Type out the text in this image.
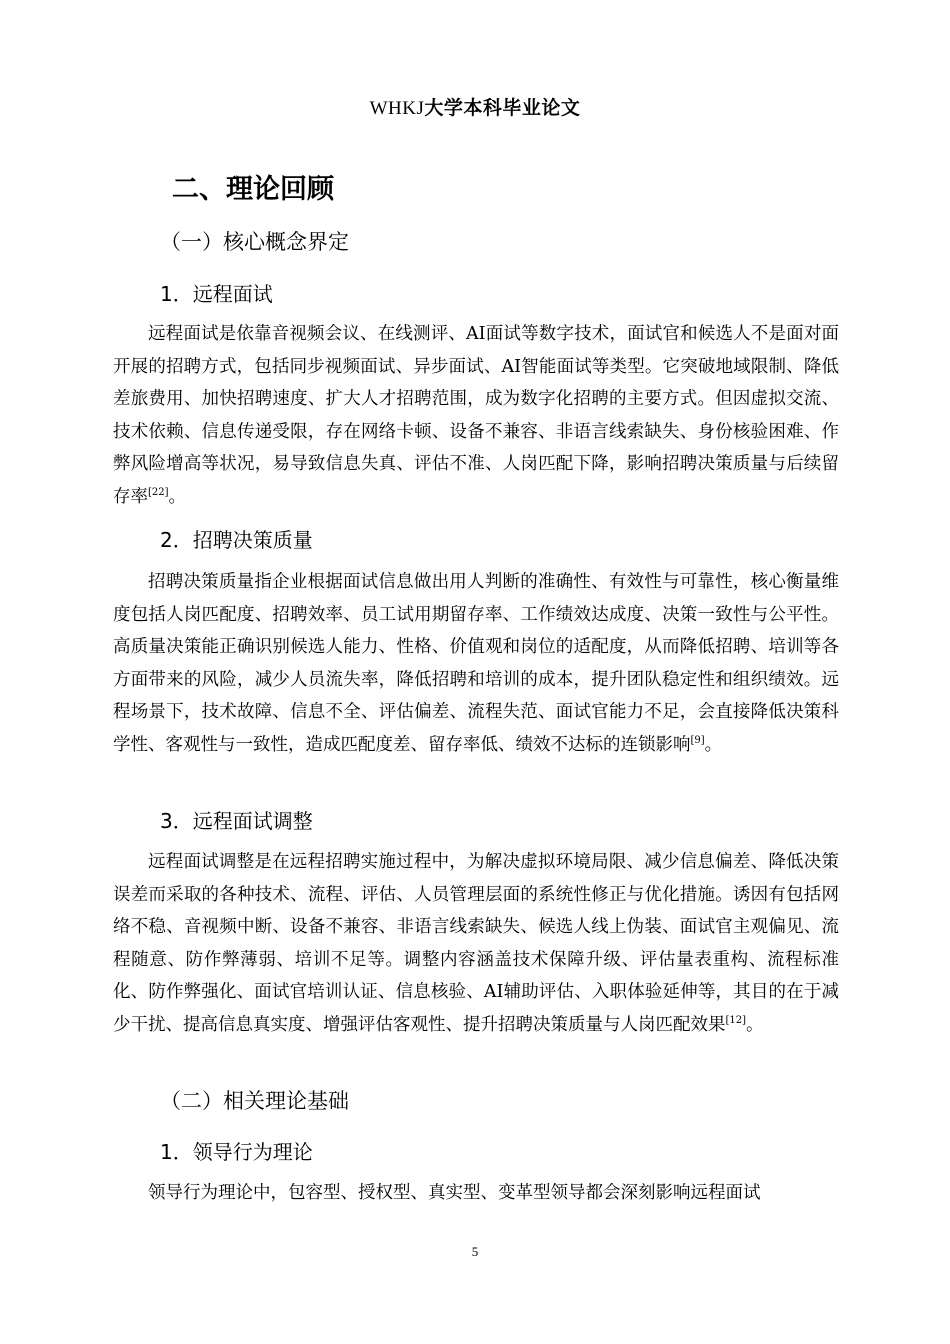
WHKJ大学本科毕业论文
二、理论回顾
（一）核心概念界定
1．远程面试

远程面试是依靠音视频会议、在线测评、AI面试等数字技术，面试官和候选人不是面对面开展的招聘方式，包括同步视频面试、异步面试、AI智能面试等类型。它突破地域限制、降低差旅费用、加快招聘速度、扩大人才招聘范围，成为数字化招聘的主要方式。但因虚拟交流、技术依赖、信息传递受限，存在网络卡顿、设备不兼容、非语言线索缺失、身份核验困难、作弊风险增高等状况，易导致信息失真、评估不准、人岗匹配下降，影响招聘决策质量与后续留存率[22]。

2．招聘决策质量

招聘决策质量指企业根据面试信息做出用人判断的准确性、有效性与可靠性，核心衡量维度包括人岗匹配度、招聘效率、员工试用期留存率、工作绩效达成度、决策一致性与公平性。高质量决策能正确识别候选人能力、性格、价值观和岗位的适配度，从而降低招聘、培训等各方面带来的风险，减少人员流失率，降低招聘和培训的成本，提升团队稳定性和组织绩效。远程场景下，技术故障、信息不全、评估偏差、流程失范、面试官能力不足，会直接降低决策科学性、客观性与一致性，造成匹配度差、留存率低、绩效不达标的连锁影响[9]。

3．远程面试调整

远程面试调整是在远程招聘实施过程中，为解决虚拟环境局限、减少信息偏差、降低决策误差而采取的各种技术、流程、评估、人员管理层面的系统性修正与优化措施。诱因有包括网络不稳、音视频中断、设备不兼容、非语言线索缺失、候选人线上伪装、面试官主观偏见、流程随意、防作弊薄弱、培训不足等。调整内容涵盖技术保障升级、评估量表重构、流程标准化、防作弊强化、面试官培训认证、信息核验、AI辅助评估、入职体验延伸等，其目的在于减少干扰、提高信息真实度、增强评估客观性、提升招聘决策质量与人岗匹配效果[12]。

（二）相关理论基础
1．领导行为理论

领导行为理论中，包容型、授权型、真实型、变革型领导都会深刻影响远程面试

5
